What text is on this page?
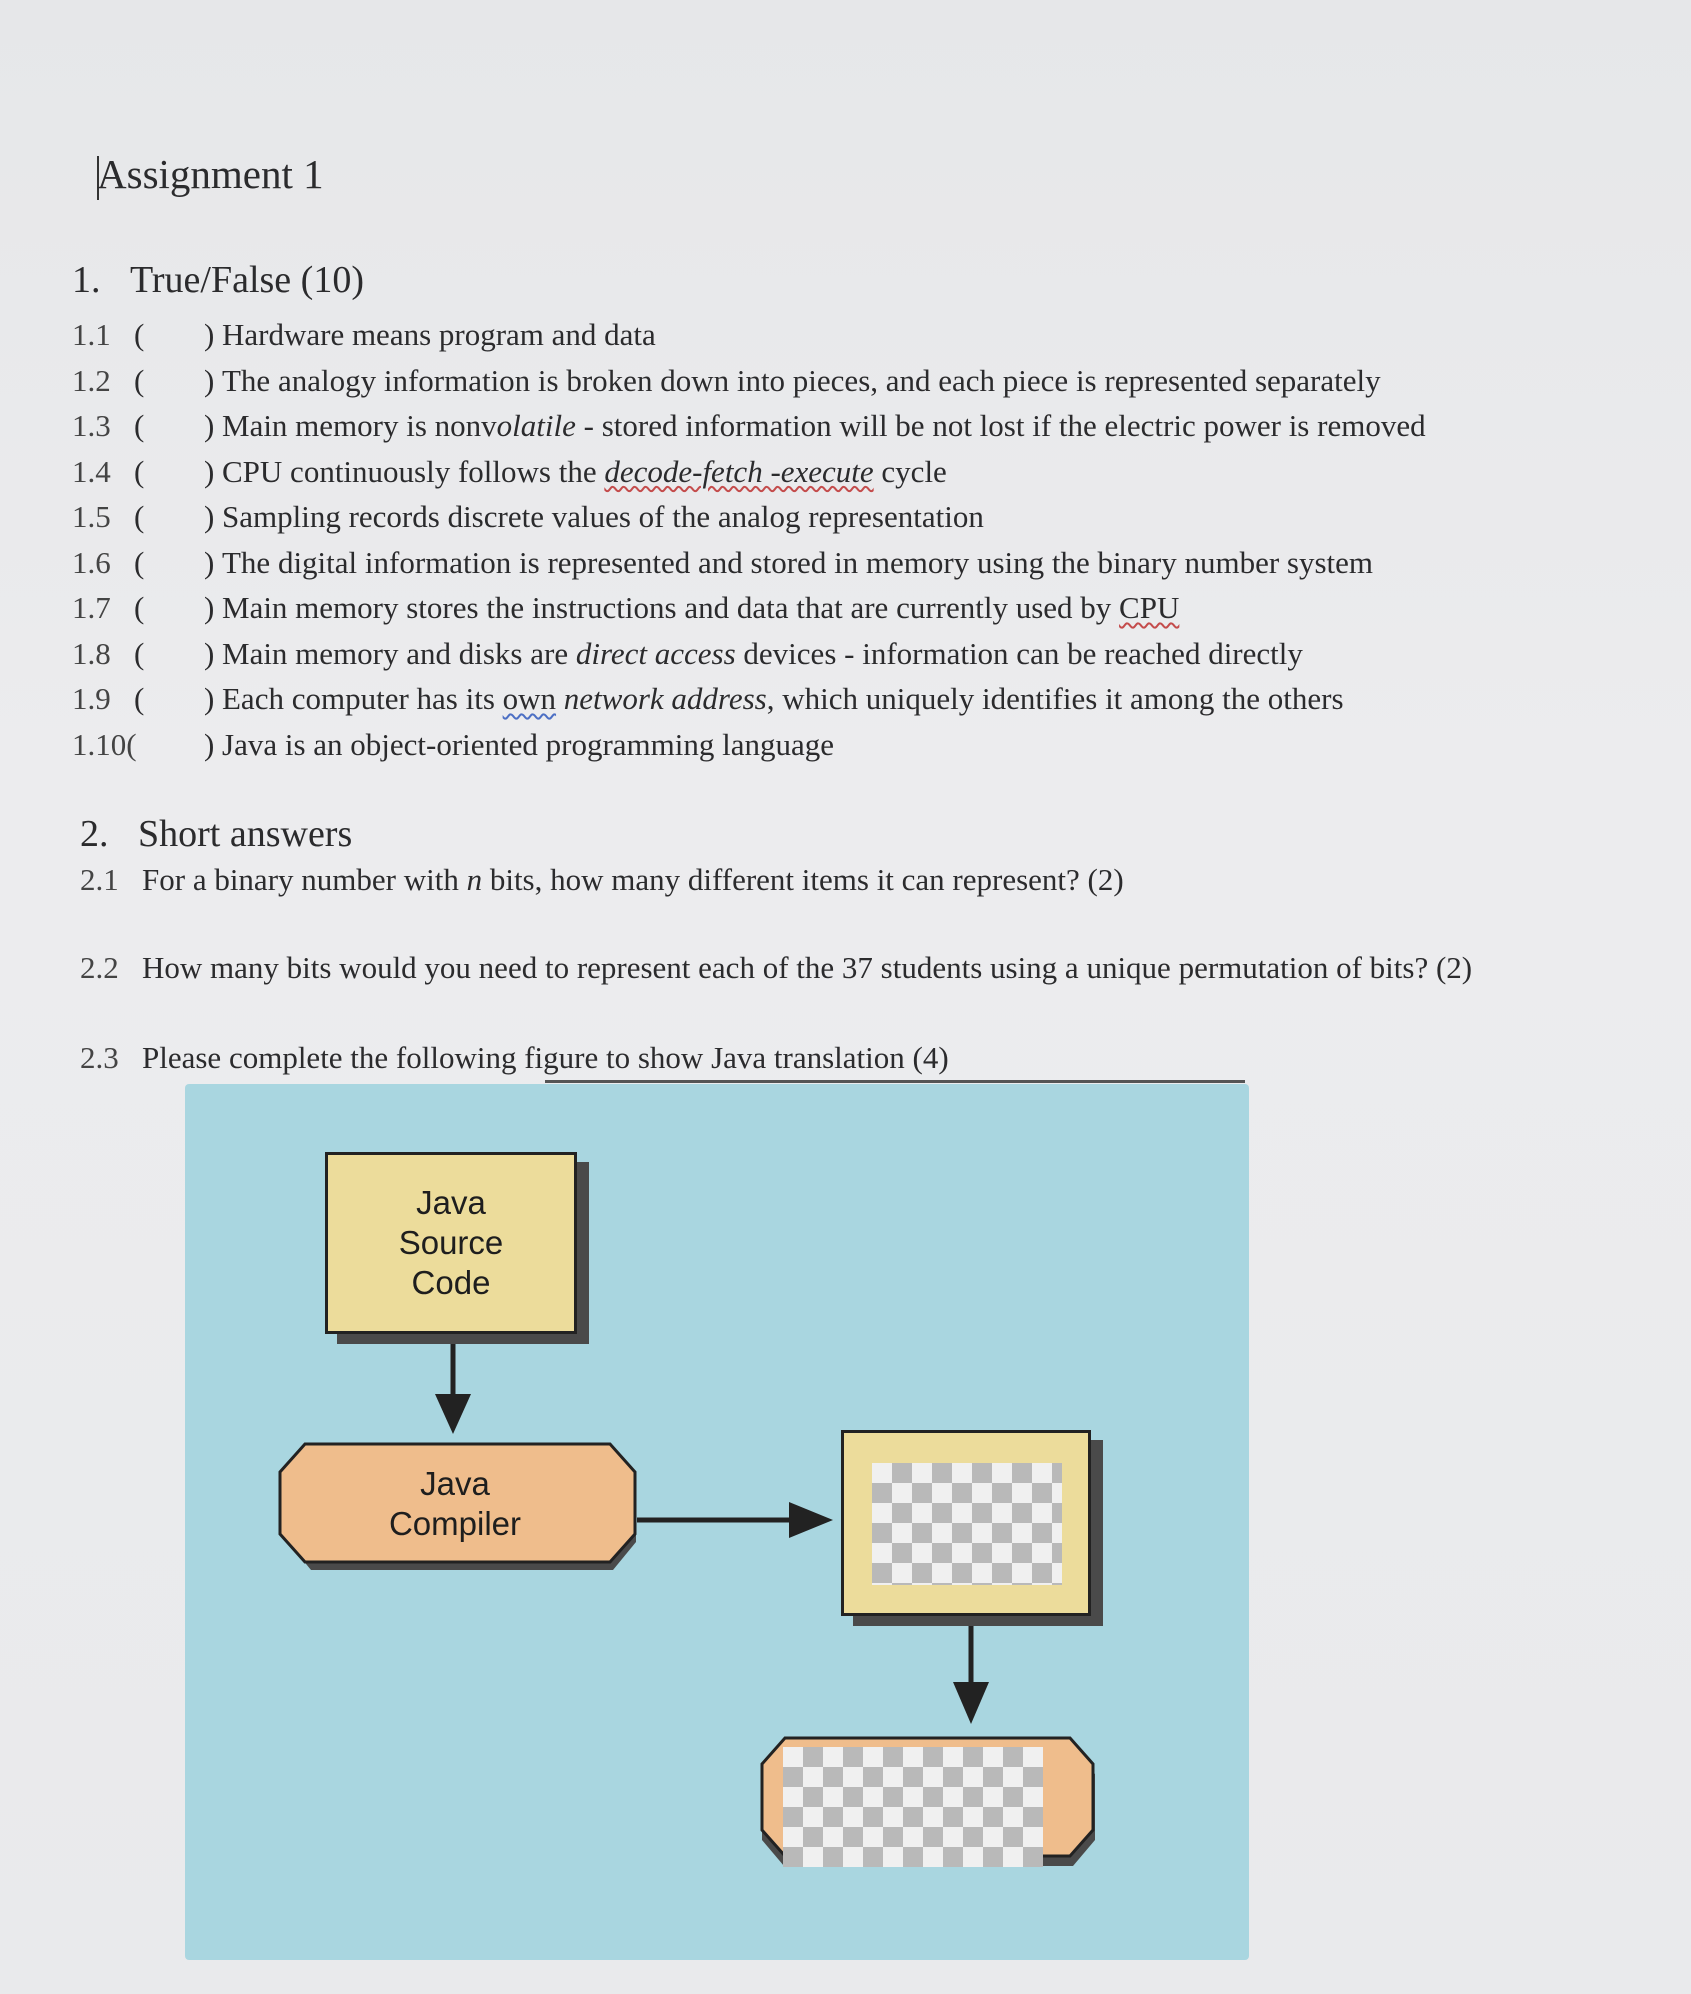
Assignment 1
1. True/False (10)
1.1 ( ) Hardware means program and data
1.2 ( ) The analogy information is broken down into pieces, and each piece is represented separately
1.3 ( ) Main memory is nonvolatile - stored information will be not lost if the electric power is removed
1.4 ( ) CPU continuously follows the decode-fetch -execute cycle
1.5 ( ) Sampling records discrete values of the analog representation
1.6 ( ) The digital information is represented and stored in memory using the binary number system
1.7 ( ) Main memory stores the instructions and data that are currently used by CPU
1.8 ( ) Main memory and disks are direct access devices - information can be reached directly
1.9 ( ) Each computer has its own network address, which uniquely identifies it among the others
1.10(	) Java is an object-oriented programming language
2. Short answers
2.1 For a binary number with n bits, how many different items it can represent? (2)
2.2 How many bits would you need to represent each of the 37 students using a unique permutation of bits? (2)
2.3 Please complete the following figure to show Java translation (4)
Java
Source
Code
Java
Compiler
